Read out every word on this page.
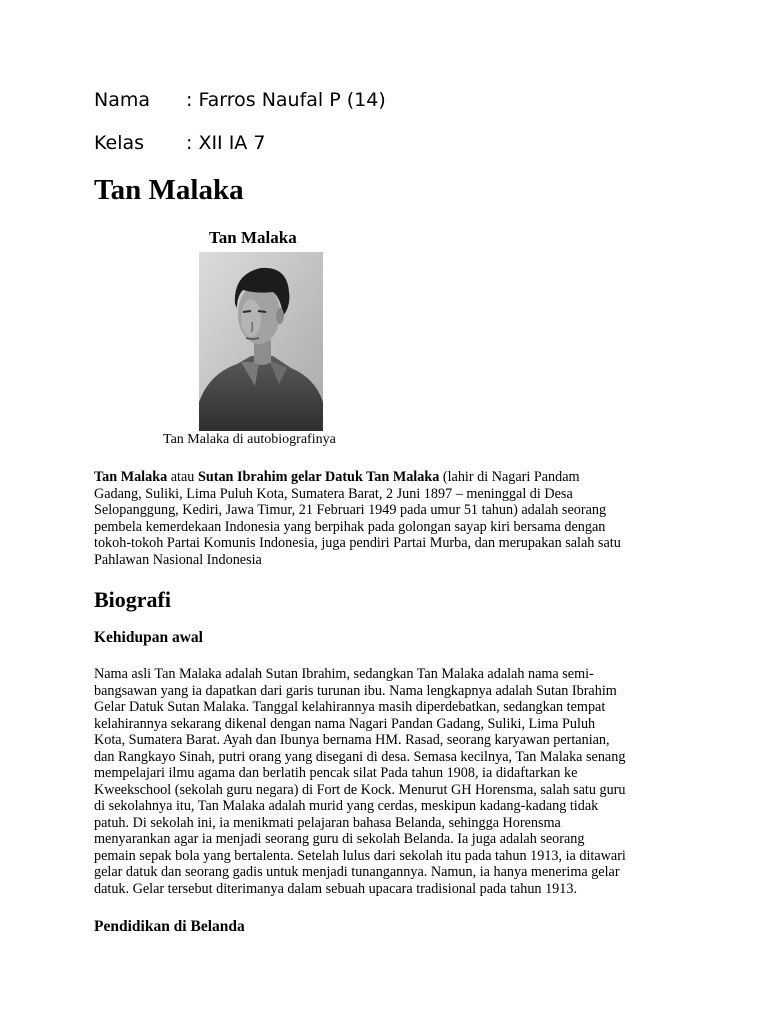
Nama : Farros Naufal P (14)
Kelas : XII IA 7
Tan Malaka
Tan Malaka
Tan Malaka di autobiografinya

Tan Malaka atau Sutan Ibrahim gelar Datuk Tan Malaka (lahir di Nagari Pandam
Gadang, Suliki, Lima Puluh Kota, Sumatera Barat, 2 Juni 1897 – meninggal di Desa
Selopanggung, Kediri, Jawa Timur, 21 Februari 1949 pada umur 51 tahun) adalah seorang
pembela kemerdekaan Indonesia yang berpihak pada golongan sayap kiri bersama dengan
tokoh-tokoh Partai Komunis Indonesia, juga pendiri Partai Murba, dan merupakan salah satu
Pahlawan Nasional Indonesia

Biografi
Kehidupan awal

Nama asli Tan Malaka adalah Sutan Ibrahim, sedangkan Tan Malaka adalah nama semi-
bangsawan yang ia dapatkan dari garis turunan ibu. Nama lengkapnya adalah Sutan Ibrahim
Gelar Datuk Sutan Malaka. Tanggal kelahirannya masih diperdebatkan, sedangkan tempat
kelahirannya sekarang dikenal dengan nama Nagari Pandan Gadang, Suliki, Lima Puluh
Kota, Sumatera Barat. Ayah dan Ibunya bernama HM. Rasad, seorang karyawan pertanian,
dan Rangkayo Sinah, putri orang yang disegani di desa. Semasa kecilnya, Tan Malaka senang
mempelajari ilmu agama dan berlatih pencak silat Pada tahun 1908, ia didaftarkan ke
Kweekschool (sekolah guru negara) di Fort de Kock. Menurut GH Horensma, salah satu guru
di sekolahnya itu, Tan Malaka adalah murid yang cerdas, meskipun kadang-kadang tidak
patuh. Di sekolah ini, ia menikmati pelajaran bahasa Belanda, sehingga Horensma
menyarankan agar ia menjadi seorang guru di sekolah Belanda. Ia juga adalah seorang
pemain sepak bola yang bertalenta. Setelah lulus dari sekolah itu pada tahun 1913, ia ditawari
gelar datuk dan seorang gadis untuk menjadi tunangannya. Namun, ia hanya menerima gelar
datuk. Gelar tersebut diterimanya dalam sebuah upacara tradisional pada tahun 1913.

Pendidikan di Belanda
